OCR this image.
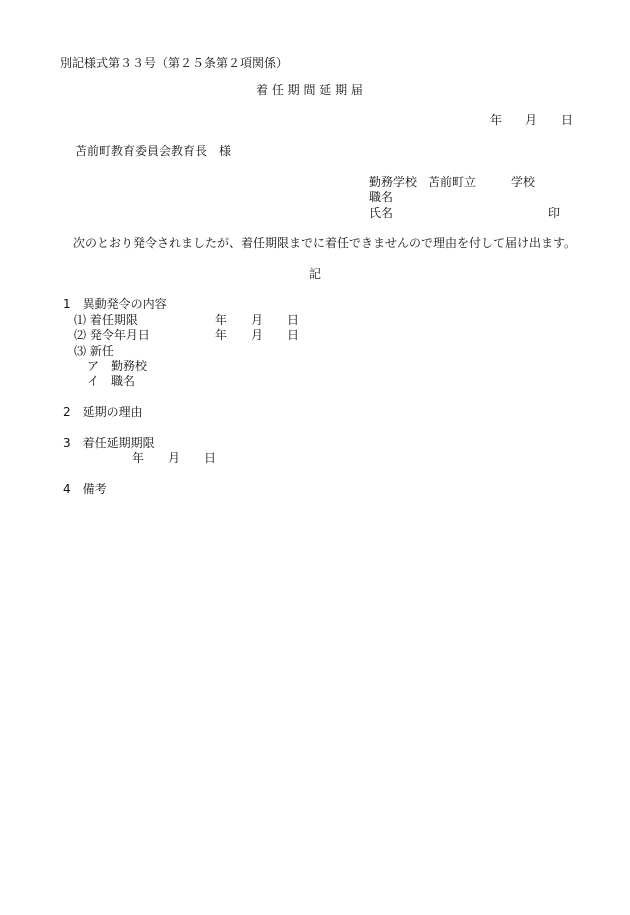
別記様式第３３号（第２５条第２項関係）
着 任 期 間 延 期 届
年 月 日
苫前町教育委員会教育長　様
勤務学校 苫前町立	学校
職名
氏名	印
次のとおり発令されましたが、着任期限までに着任できませんので理由を付して届け出ます。
記
1　異動発令の内容
⑴ 着任期限	年 月 日
⑵ 発令年月日	年 月 日
⑶ 新任
ア　勤務校
イ　職名
2　延期の理由
3　着任延期期限
年 月 日
4　備考
